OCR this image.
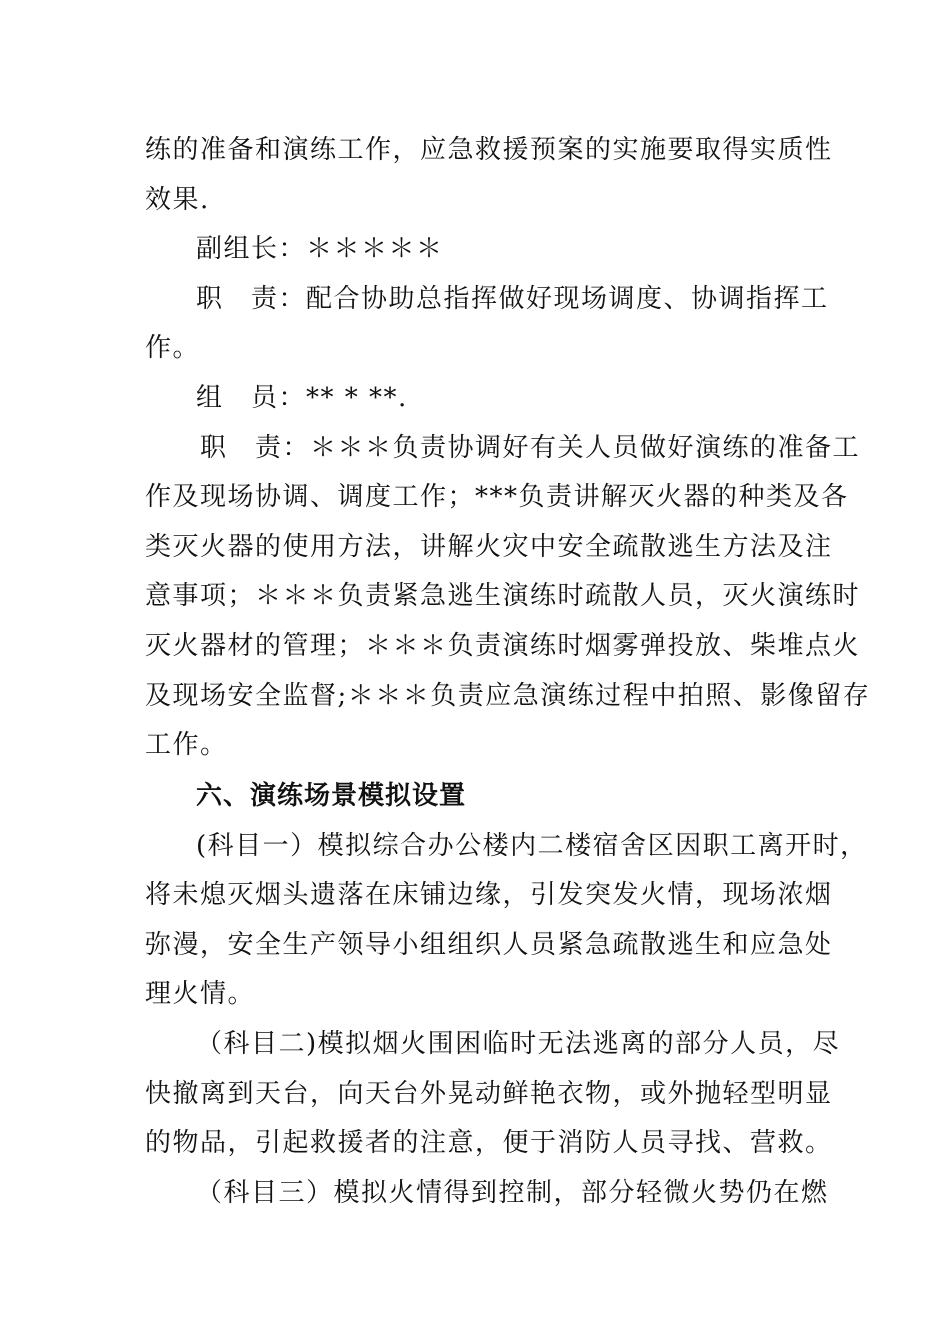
练的准备和演练工作，应急救援预案的实施要取得实质性
效果.
副组长：＊＊＊＊＊
职　责：配合协助总指挥做好现场调度、协调指挥工
作。
组　员：** * **.
职　责：＊＊＊负责协调好有关人员做好演练的准备工
作及现场协调、调度工作；***负责讲解灭火器的种类及各
类灭火器的使用方法，讲解火灾中安全疏散逃生方法及注
意事项；＊＊＊负责紧急逃生演练时疏散人员，灭火演练时
灭火器材的管理；＊＊＊负责演练时烟雾弹投放、柴堆点火
及现场安全监督;＊＊＊负责应急演练过程中拍照、影像留存
工作。
六、演练场景模拟设置
(科目一）模拟综合办公楼内二楼宿舍区因职工离开时，
将未熄灭烟头遗落在床铺边缘，引发突发火情，现场浓烟
弥漫，安全生产领导小组组织人员紧急疏散逃生和应急处
理火情。
（科目二)模拟烟火围困临时无法逃离的部分人员，尽
快撤离到天台，向天台外晃动鲜艳衣物，或外抛轻型明显
的物品，引起救援者的注意，便于消防人员寻找、营救。
（科目三）模拟火情得到控制，部分轻微火势仍在燃
